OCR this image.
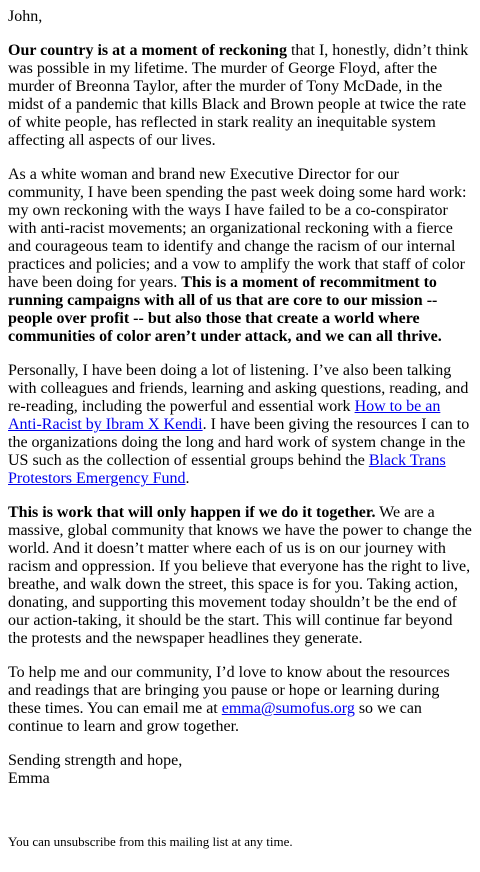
John,

Our country is at a moment of reckoning that I, honestly, didn’t think was possible in my lifetime. The murder of George Floyd, after the murder of Breonna Taylor, after the murder of Tony McDade, in the midst of a pandemic that kills Black and Brown people at twice the rate of white people, has reflected in stark reality an inequitable system affecting all aspects of our lives.

As a white woman and brand new Executive Director for our community, I have been spending the past week doing some hard work: my own reckoning with the ways I have failed to be a co-conspirator with anti-racist movements; an organizational reckoning with a fierce and courageous team to identify and change the racism of our internal practices and policies; and a vow to amplify the work that staff of color have been doing for years. This is a moment of recommitment to running campaigns with all of us that are core to our mission -- people over profit -- but also those that create a world where communities of color aren’t under attack, and we can all thrive.

Personally, I have been doing a lot of listening. I’ve also been talking with colleagues and friends, learning and asking questions, reading, and re-reading, including the powerful and essential work How to be an Anti-Racist by Ibram X Kendi. I have been giving the resources I can to the organizations doing the long and hard work of system change in the US such as the collection of essential groups behind the Black Trans Protestors Emergency Fund.

This is work that will only happen if we do it together. We are a massive, global community that knows we have the power to change the world. And it doesn’t matter where each of us is on our journey with racism and oppression. If you believe that everyone has the right to live, breathe, and walk down the street, this space is for you. Taking action, donating, and supporting this movement today shouldn’t be the end of our action-taking, it should be the start. This will continue far beyond the protests and the newspaper headlines they generate.

To help me and our community, I’d love to know about the resources and readings that are bringing you pause or hope or learning during these times. You can email me at emma@sumofus.org so we can continue to learn and grow together.

Sending strength and hope,
Emma

You can unsubscribe from this mailing list at any time.
